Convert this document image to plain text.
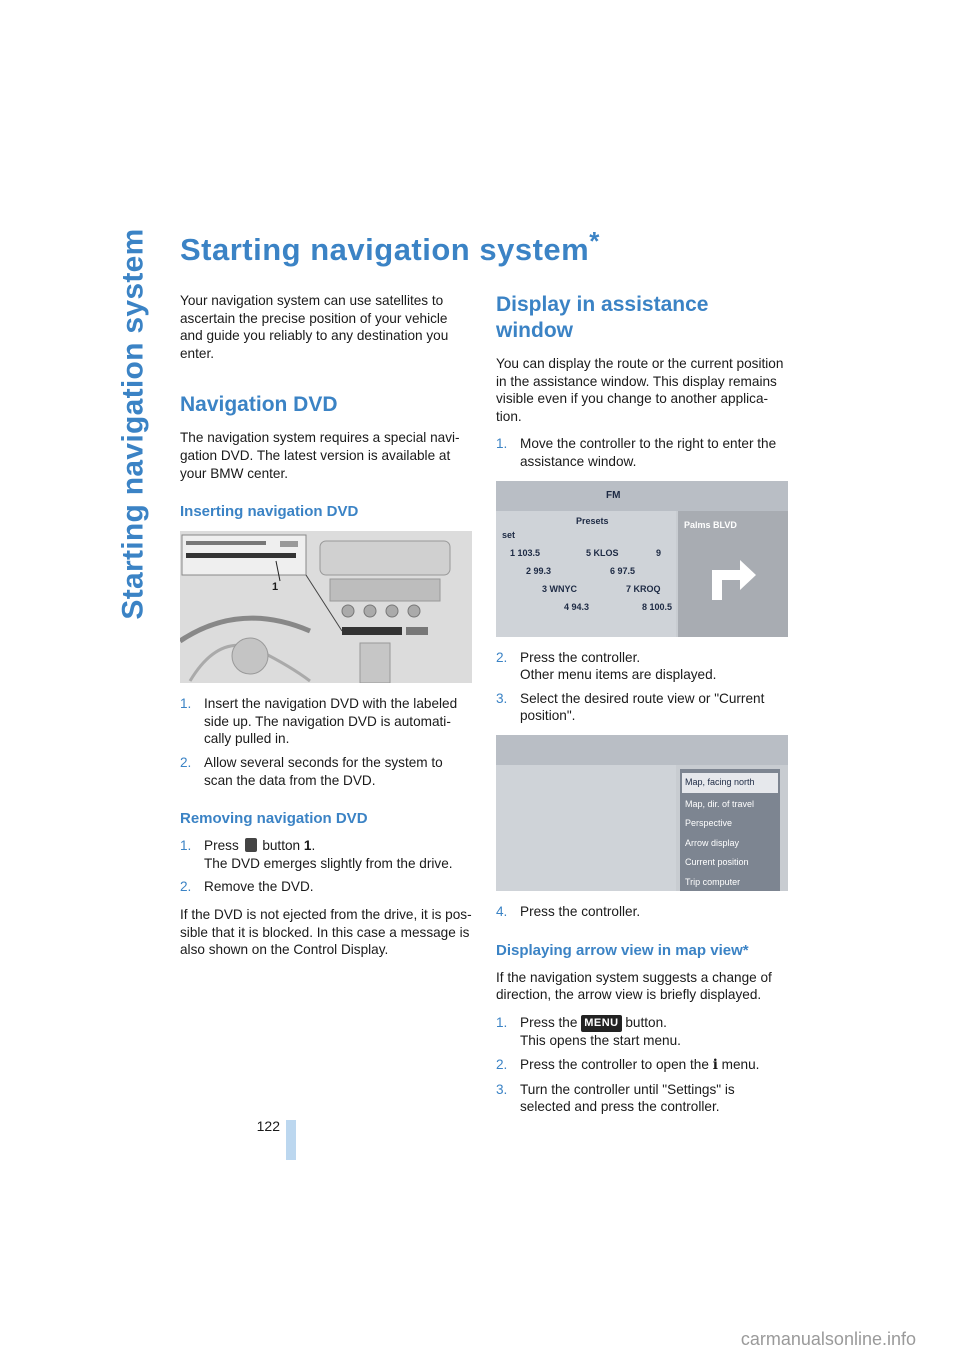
Starting navigation system
122
Starting navigation system*

Your navigation system can use satellites to ascertain the precise position of your vehicle and guide you reliably to any destination you enter.

Navigation DVD

The navigation system requires a special navigation DVD. The latest version is available at your BMW center.

Inserting navigation DVD
1
1. Insert the navigation DVD with the labeled side up. The navigation DVD is automatically pulled in.
2. Allow several seconds for the system to scan the data from the DVD.
Removing navigation DVD
1. Press button 1.
The DVD emerges slightly from the drive.
2. Remove the DVD.

If the DVD is not ejected from the drive, it is possible that it is blocked. In this case a message is also shown on the Control Display.

Display in assistance window

You can display the route or the current position in the assistance window. This display remains visible even if you change to another application.

1. Move the controller to the right to enter the assistance window.
FM
Presets
set
1 103.5	5 KLOS	9
2 99.3	6 97.5
3 WNYC	7 KROQ
4 94.3	8 100.5
Palms BLVD
2. Press the controller.
Other menu items are displayed.
3. Select the desired route view or "Current position".
Map, facing north
Map, dir. of travel
Perspective
Arrow display
Current position
Trip computer
4. Press the controller.
Displaying arrow view in map view*

If the navigation system suggests a change of direction, the arrow view is briefly displayed.

1. Press the MENU button.
This opens the start menu.
2. Press the controller to open the i menu.
3. Turn the controller until "Settings" is selected and press the controller.
carmanualsonline.info
